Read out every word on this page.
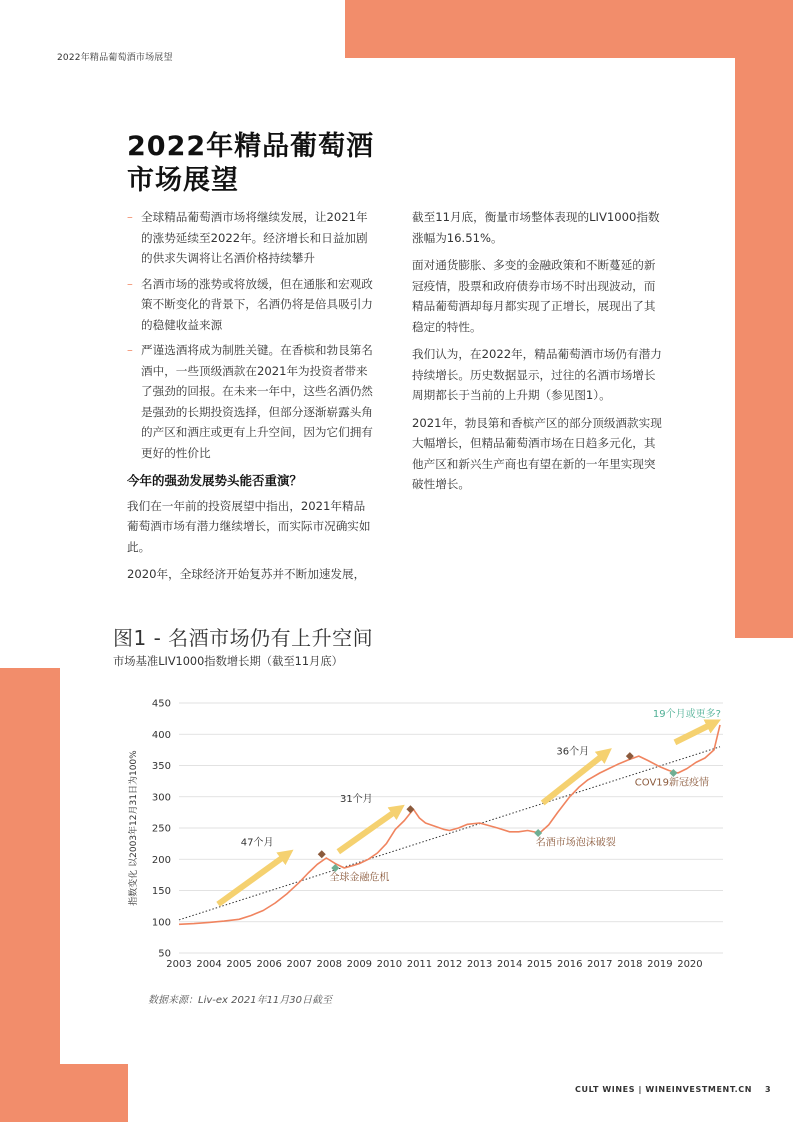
2022年精品葡萄酒市场展望
2022年精品葡萄酒
市场展望
– 全球精品葡萄酒市场将继续发展，让2021年的涨势延续至2022年。经济增长和日益加剧的供求失调将让名酒价格持续攀升
– 名酒市场的涨势或将放缓，但在通胀和宏观政策不断变化的背景下，名酒仍将是倍具吸引力的稳健收益来源
– 严谨选酒将成为制胜关键。在香槟和勃艮第名酒中，一些顶级酒款在2021年为投资者带来了强劲的回报。在未来一年中，这些名酒仍然是强劲的长期投资选择，但部分逐渐崭露头角的产区和酒庄或更有上升空间，因为它们拥有更好的性价比
今年的强劲发展势头能否重演？

我们在一年前的投资展望中指出，2021年精品葡萄酒市场有潜力继续增长，而实际市况确实如此。

2020年，全球经济开始复苏并不断加速发展，

截至11月底，衡量市场整体表现的LIV1000指数涨幅为16.51%。

面对通货膨胀、多变的金融政策和不断蔓延的新冠疫情，股票和政府债券市场不时出现波动，而精品葡萄酒却每月都实现了正增长，展现出了其稳定的特性。

我们认为，在2022年，精品葡萄酒市场仍有潜力持续增长。历史数据显示，过往的名酒市场增长周期都长于当前的上升期（参见图1）。

2021年，勃艮第和香槟产区的部分顶级酒款实现大幅增长，但精品葡萄酒市场在日趋多元化，其他产区和新兴生产商也有望在新的一年里实现突破性增长。

图1 - 名酒市场仍有上升空间
市场基准LIV1000指数增长期（截至11月底）
50
100
150
200
250
300
350
400
450
2003 2004 2005 2006 2007 2008 2009 2010 2011 2012 2013 2014 2015 2016 2017 2018 2019 2020
指数变化 以2003年12月31日为100%	47个月
31个月
36个月
19个月或更多?
全球金融危机
名酒市场泡沫破裂
COV19新冠疫情
数据来源：Liv-ex 2021年11月30日截至
CULT WINES | WINEINVESTMENT.CN 3
